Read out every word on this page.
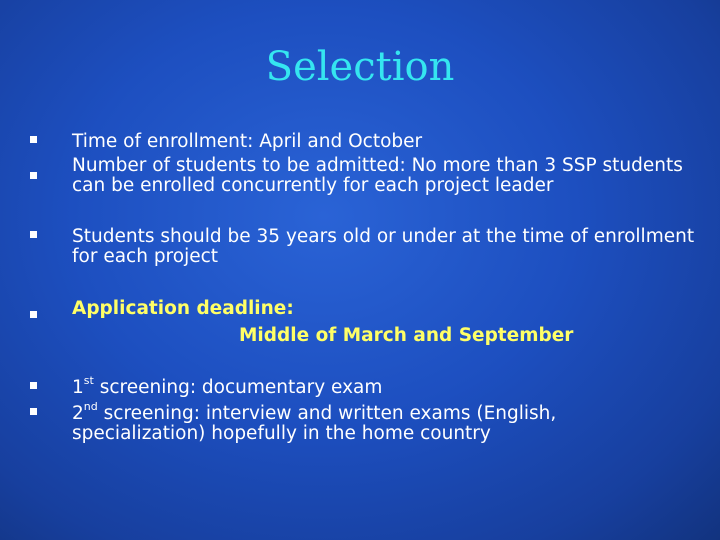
Selection
Time of enrollment: April and October
Number of students to be admitted: No more than 3 SSP students can be enrolled concurrently for each project leader
Students should be 35 years old or under at the time of enrollment for each project
Application deadline:
Middle of March and September
1st screening: documentary exam
2nd screening: interview and written exams (English, specialization) hopefully in the home country
